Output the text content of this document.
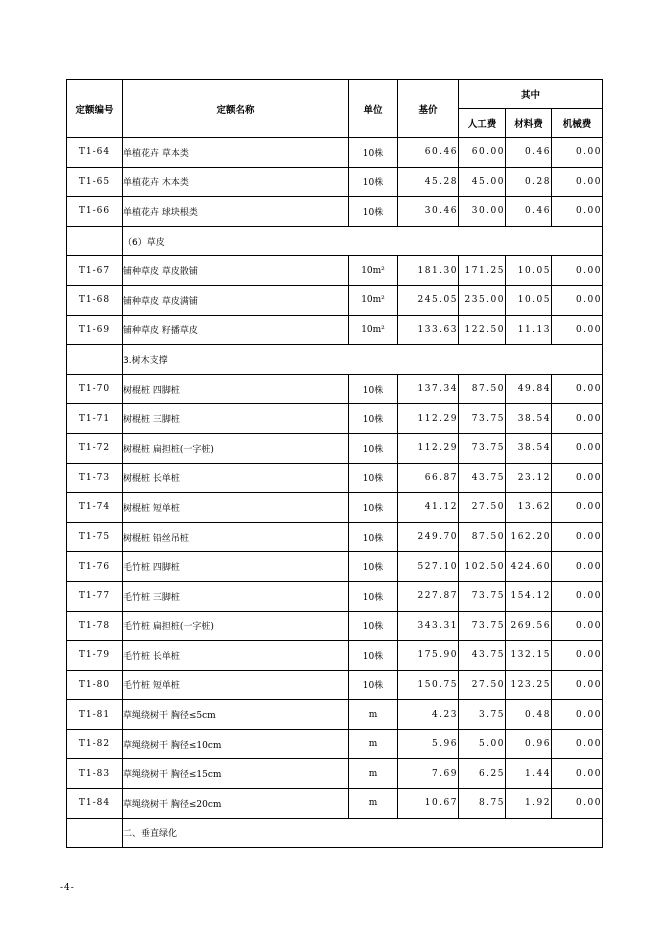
定额编号	定额名称	单位	基价	其中		
				人工费	材料费	机械费
T1-64	单植花卉 草本类	10株	60.46	60.00	0.46	0.00
T1-65	单植花卉 木本类	10株	45.28	45.00	0.28	0.00
T1-66	单植花卉 球块根类	10株	30.46	30.00	0.46	0.00
	（6）草皮					
T1-67	铺种草皮 草皮散铺	10m²	181.30	171.25	10.05	0.00
T1-68	铺种草皮 草皮满铺	10m²	245.05	235.00	10.05	0.00
T1-69	铺种草皮 籽播草皮	10m²	133.63	122.50	11.13	0.00
	3.树木支撑					
T1-70	树棍桩 四脚桩	10株	137.34	87.50	49.84	0.00
T1-71	树棍桩 三脚桩	10株	112.29	73.75	38.54	0.00
T1-72	树棍桩 扁担桩(一字桩)	10株	112.29	73.75	38.54	0.00
T1-73	树棍桩 长单桩	10株	66.87	43.75	23.12	0.00
T1-74	树棍桩 短单桩	10株	41.12	27.50	13.62	0.00
T1-75	树棍桩 铅丝吊桩	10株	249.70	87.50	162.20	0.00
T1-76	毛竹桩 四脚桩	10株	527.10	102.50	424.60	0.00
T1-77	毛竹桩 三脚桩	10株	227.87	73.75	154.12	0.00
T1-78	毛竹桩 扁担桩(一字桩)	10株	343.31	73.75	269.56	0.00
T1-79	毛竹桩 长单桩	10株	175.90	43.75	132.15	0.00
T1-80	毛竹桩 短单桩	10株	150.75	27.50	123.25	0.00
T1-81	草绳绕树干 胸径≤5cm	m	4.23	3.75	0.48	0.00
T1-82	草绳绕树干 胸径≤10cm	m	5.96	5.00	0.96	0.00
T1-83	草绳绕树干 胸径≤15cm	m	7.69	6.25	1.44	0.00
T1-84	草绳绕树干 胸径≤20cm	m	10.67	8.75	1.92	0.00
	二、垂直绿化					
-4-
